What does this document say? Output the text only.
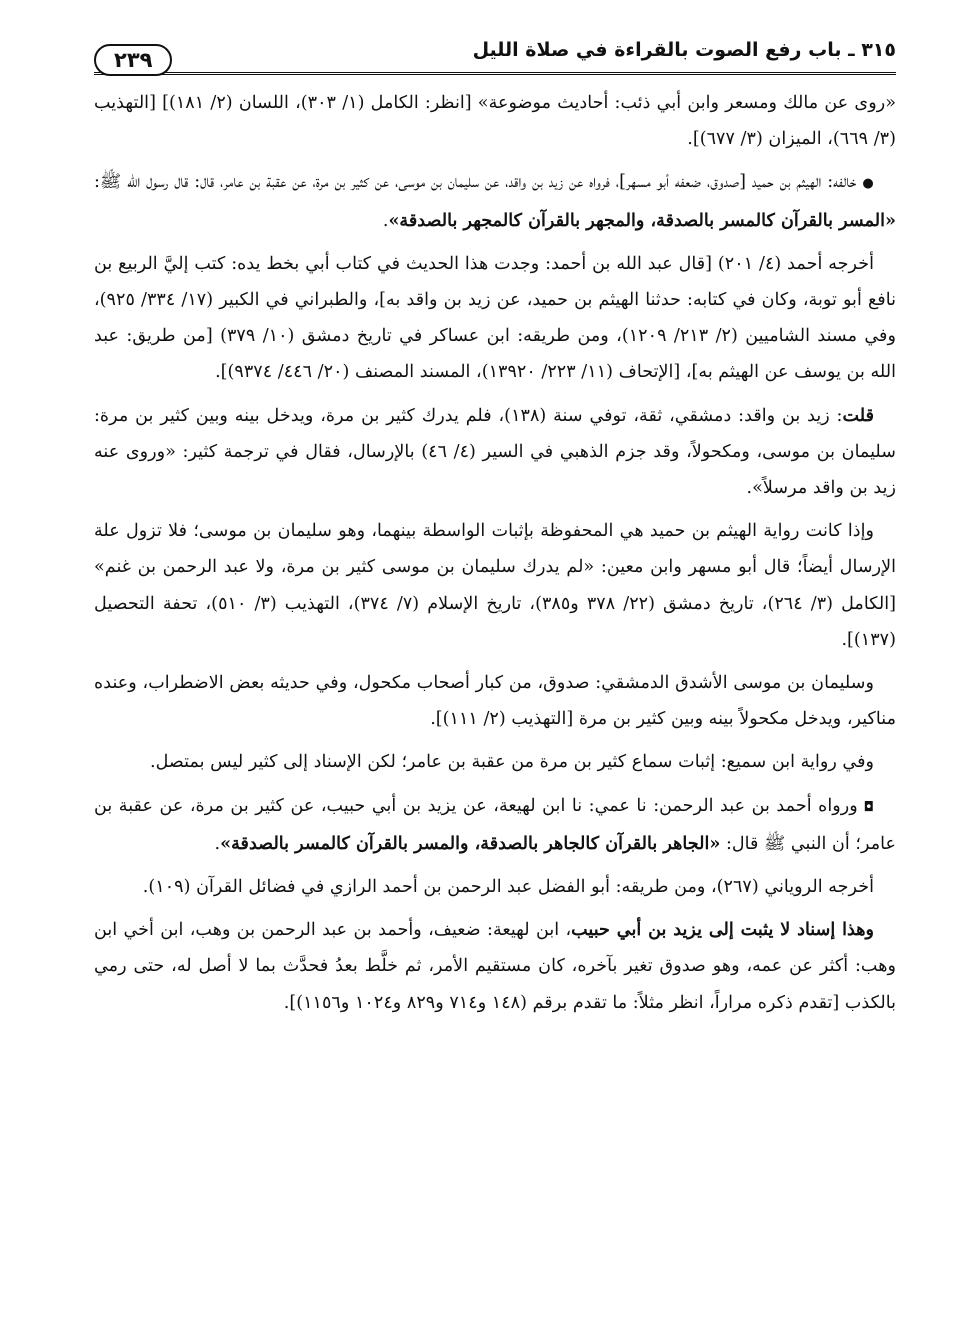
٣١٥ ـ باب رفع الصوت بالقراءة في صلاة الليل
٢٣٩

«روى عن مالك ومسعر وابن أبي ذئب: أحاديث موضوعة» [انظر: الكامل (١/ ٣٠٣)، اللسان (٢/ ١٨١)] [التهذيب (٣/ ٦٦٩)، الميزان (٣/ ٦٧٧)].

●خالفه: الهيثم بن حميد [صدوق، ضعفه أبو مسهر]، فرواه عن زيد بن واقد، عن سليمان بن موسى، عن كثير بن مرة، عن عقبة بن عامر، قال: قال رسول الله ﷺ: «المسر بالقرآن كالمسر بالصدقة، والمجهر بالقرآن كالمجهر بالصدقة».

أخرجه أحمد (٤/ ٢٠١) [قال عبد الله بن أحمد: وجدت هذا الحديث في كتاب أبي بخط يده: كتب إليَّ الربيع بن نافع أبو توبة، وكان في كتابه: حدثنا الهيثم بن حميد، عن زيد بن واقد به]، والطبراني في الكبير (١٧/ ٣٣٤/ ٩٢٥)، وفي مسند الشاميين (٢/ ٢١٣/ ١٢٠٩)، ومن طريقه: ابن عساكر في تاريخ دمشق (١٠/ ٣٧٩) [من طريق: عبد الله بن يوسف عن الهيثم به]، [الإتحاف (١١/ ٢٢٣/ ١٣٩٢٠)، المسند المصنف (٢٠/ ٤٤٦/ ٩٣٧٤)].

قلت: زيد بن واقد: دمشقي، ثقة، توفي سنة (١٣٨)، فلم يدرك كثير بن مرة، ويدخل بينه وبين كثير بن مرة: سليمان بن موسى، ومكحولاً، وقد جزم الذهبي في السير (٤/ ٤٦) بالإرسال، فقال في ترجمة كثير: «وروى عنه زيد بن واقد مرسلاً».

وإذا كانت رواية الهيثم بن حميد هي المحفوظة بإثبات الواسطة بينهما، وهو سليمان بن موسى؛ فلا تزول علة الإرسال أيضاً؛ قال أبو مسهر وابن معين: «لم يدرك سليمان بن موسى كثير بن مرة، ولا عبد الرحمن بن غنم» [الكامل (٣/ ٢٦٤)، تاريخ دمشق (٢٢/ ٣٧٨ و٣٨٥)، تاريخ الإسلام (٧/ ٣٧٤)، التهذيب (٣/ ٥١٠)، تحفة التحصيل (١٣٧)].

وسليمان بن موسى الأشدق الدمشقي: صدوق، من كبار أصحاب مكحول، وفي حديثه بعض الاضطراب، وعنده مناكير، ويدخل مكحولاً بينه وبين كثير بن مرة [التهذيب (٢/ ١١١)].

وفي رواية ابن سميع: إثبات سماع كثير بن مرة من عقبة بن عامر؛ لكن الإسناد إلى كثير ليس بمتصل.

◘ورواه أحمد بن عبد الرحمن: نا عمي: نا ابن لهيعة، عن يزيد بن أبي حبيب، عن كثير بن مرة، عن عقبة بن عامر؛ أن النبي ﷺ قال: «الجاهر بالقرآن كالجاهر بالصدقة، والمسر بالقرآن كالمسر بالصدقة».

أخرجه الروياني (٢٦٧)، ومن طريقه: أبو الفضل عبد الرحمن بن أحمد الرازي في فضائل القرآن (١٠٩).

وهذا إسناد لا يثبت إلى يزيد بن أبي حبيب، ابن لهيعة: ضعيف، وأحمد بن عبد الرحمن بن وهب، ابن أخي ابن وهب: أكثر عن عمه، وهو صدوق تغير بآخره، كان مستقيم الأمر، ثم خلَّط بعدُ فحدَّث بما لا أصل له، حتى رمي بالكذب [تقدم ذكره مراراً، انظر مثلاً: ما تقدم برقم (١٤٨ و٧١٤ و٨٢٩ و١٠٢٤ و١١٥٦)].
